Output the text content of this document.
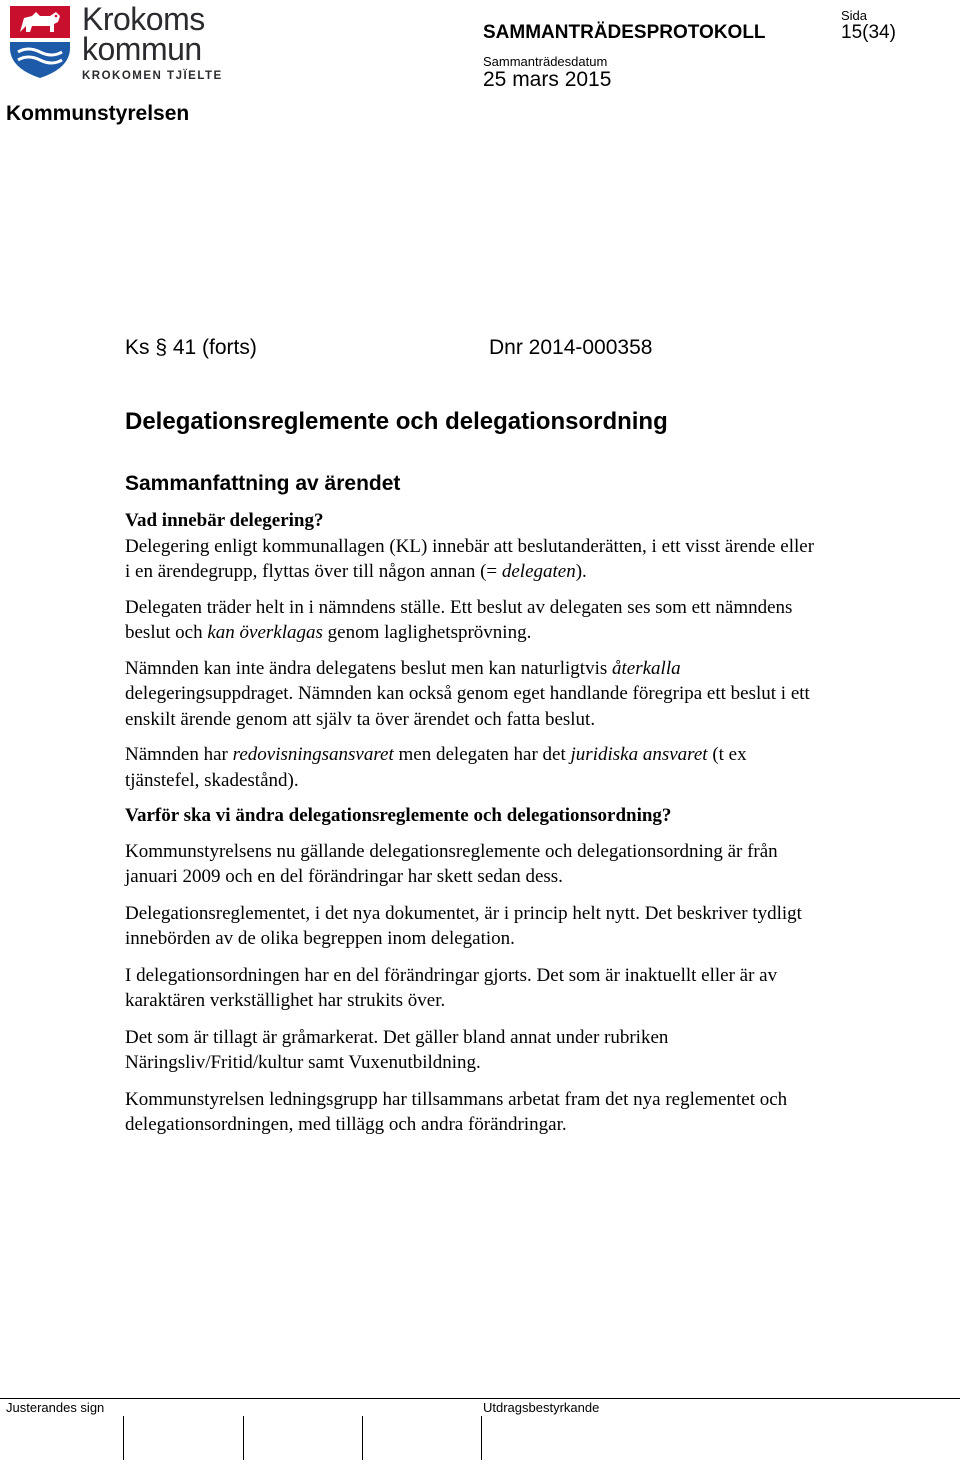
Krokoms
kommun
KROKOMEN TJÏELTE
Kommunstyrelsen
SAMMANTRÄDESPROTOKOLL
Sammanträdesdatum
25 mars 2015
Sida
15(34)
Ks § 41 (forts)	Dnr 2014-000358
Delegationsreglemente och delegationsordning
Sammanfattning av ärendet

Vad innebär delegering?

Delegering enligt kommunallagen (KL) innebär att beslutanderätten, i ett visst ärende eller i en ärendegrupp, flyttas över till någon annan (= delegaten).

Delegaten träder helt in i nämndens ställe. Ett beslut av delegaten ses som ett nämndens beslut och kan överklagas genom laglighetsprövning.

Nämnden kan inte ändra delegatens beslut men kan naturligtvis återkalla delegeringsuppdraget. Nämnden kan också genom eget handlande föregripa ett beslut i ett enskilt ärende genom att själv ta över ärendet och fatta beslut.

Nämnden har redovisningsansvaret men delegaten har det juridiska ansvaret (t ex tjänstefel, skadestånd).

Varför ska vi ändra delegationsreglemente och delegationsordning?

Kommunstyrelsens nu gällande delegationsreglemente och delegationsordning är från januari 2009 och en del förändringar har skett sedan dess.

Delegationsreglementet, i det nya dokumentet, är i princip helt nytt. Det beskriver tydligt innebörden av de olika begreppen inom delegation.

I delegationsordningen har en del förändringar gjorts. Det som är inaktuellt eller är av karaktären verkställighet har strukits över.

Det som är tillagt är gråmarkerat. Det gäller bland annat under rubriken Näringsliv/Fritid/kultur samt Vuxenutbildning.

Kommunstyrelsen ledningsgrupp har tillsammans arbetat fram det nya reglementet och delegationsordningen, med tillägg och andra förändringar.

Justerandes sign	Utdragsbestyrkande
